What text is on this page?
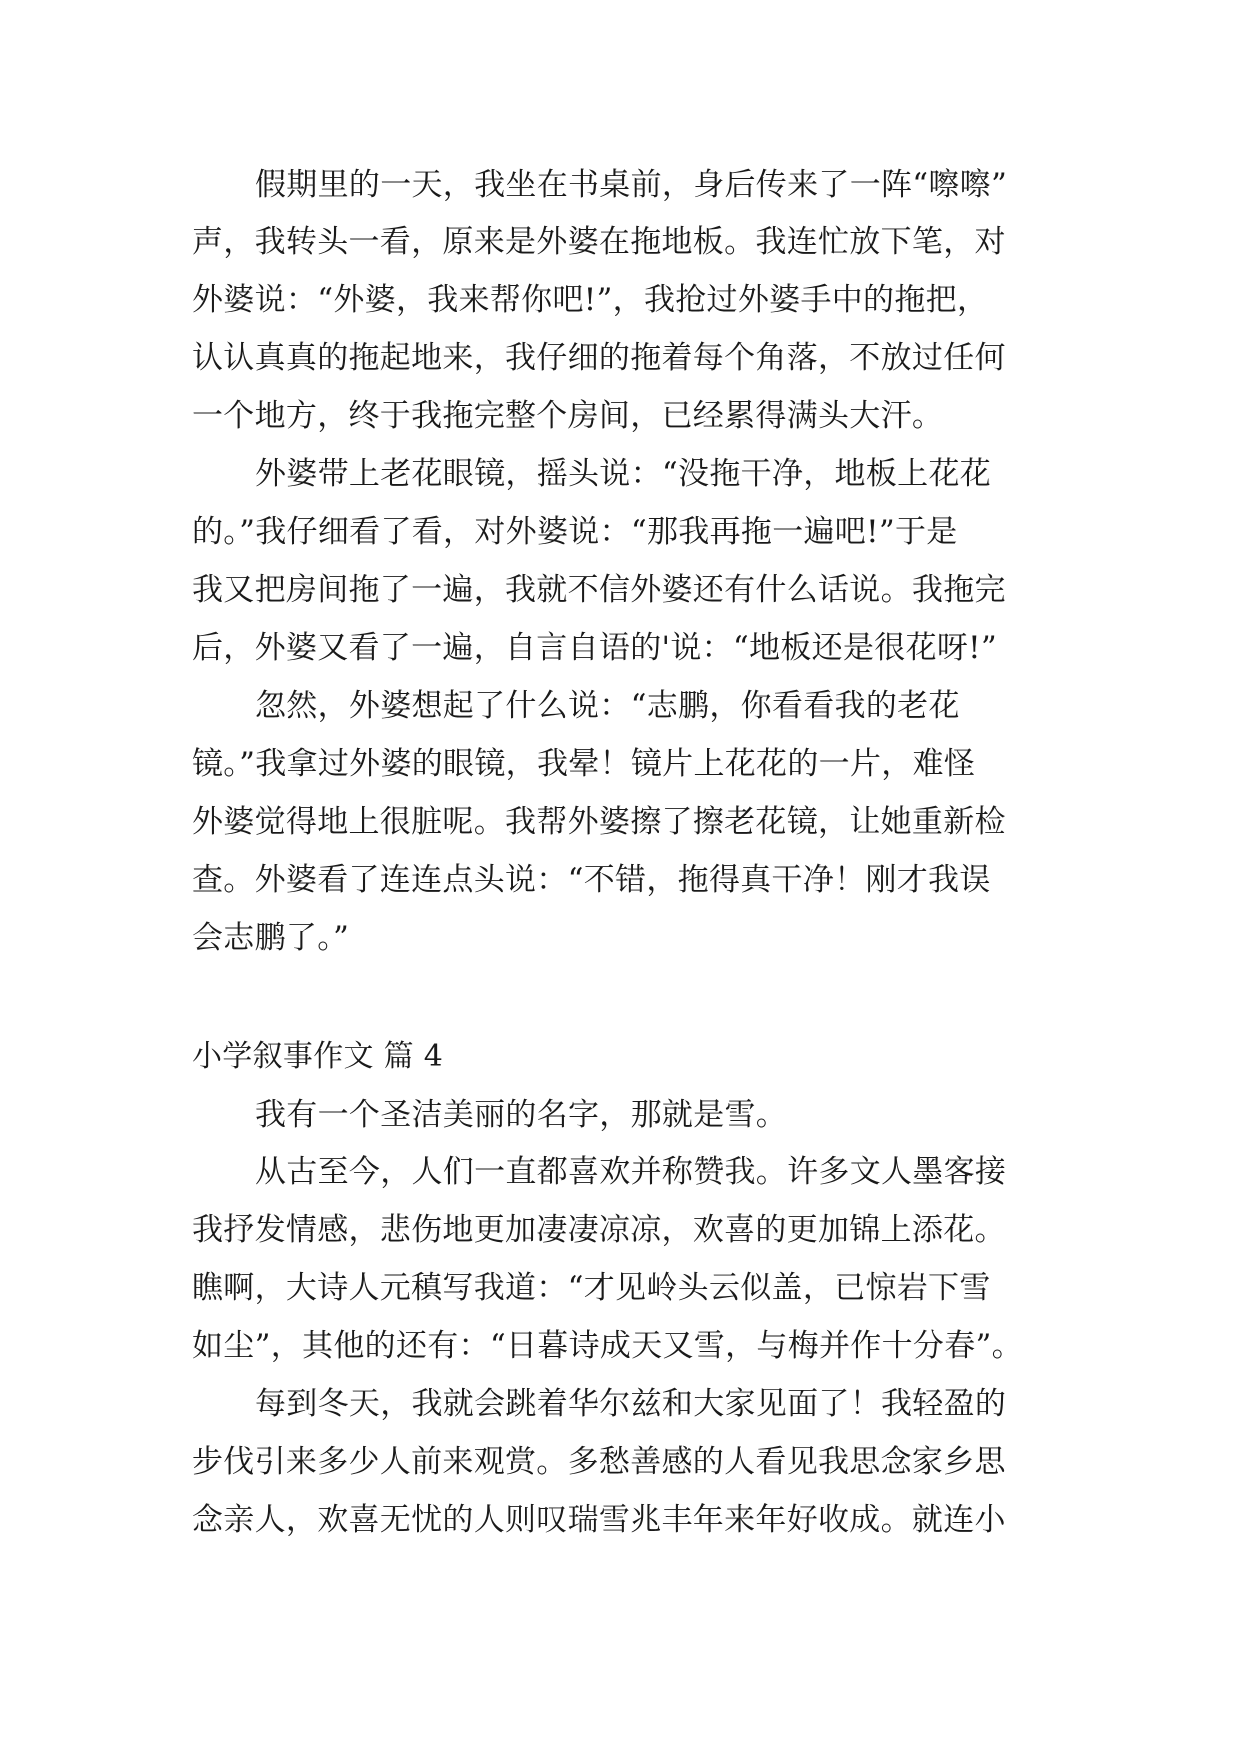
假期里的一天，我坐在书桌前，身后传来了一阵“嚓嚓”
声，我转头一看，原来是外婆在拖地板。我连忙放下笔，对
外婆说：“外婆，我来帮你吧!”，我抢过外婆手中的拖把，
认认真真的拖起地来，我仔细的拖着每个角落，不放过任何
一个地方，终于我拖完整个房间，已经累得满头大汗。
外婆带上老花眼镜，摇头说：“没拖干净，地板上花花
的。”我仔细看了看，对外婆说：“那我再拖一遍吧!”于是
我又把房间拖了一遍，我就不信外婆还有什么话说。我拖完
后，外婆又看了一遍，自言自语的'说：“地板还是很花呀!”
忽然，外婆想起了什么说：“志鹏，你看看我的老花
镜。”我拿过外婆的眼镜，我晕！镜片上花花的一片，难怪
外婆觉得地上很脏呢。我帮外婆擦了擦老花镜，让她重新检
查。外婆看了连连点头说：“不错，拖得真干净！刚才我误
会志鹏了。”
小学叙事作文 篇 4
我有一个圣洁美丽的名字，那就是雪。
从古至今，人们一直都喜欢并称赞我。许多文人墨客接
我抒发情感，悲伤地更加凄凄凉凉，欢喜的更加锦上添花。
瞧啊，大诗人元稹写我道：“才见岭头云似盖，已惊岩下雪
如尘”，其他的还有：“日暮诗成天又雪，与梅并作十分春”。
每到冬天，我就会跳着华尔兹和大家见面了！我轻盈的
步伐引来多少人前来观赏。多愁善感的人看见我思念家乡思
念亲人，欢喜无忧的人则叹瑞雪兆丰年来年好收成。就连小
